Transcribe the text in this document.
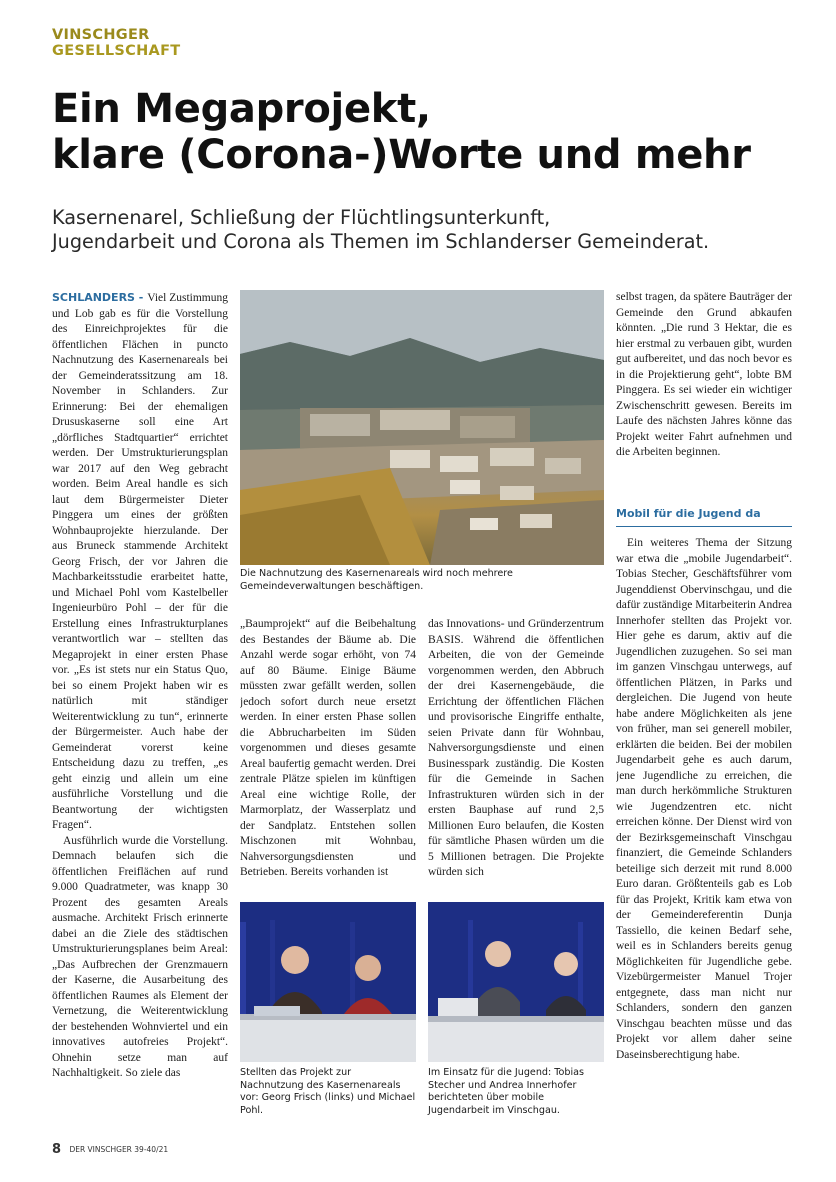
VINSCHGER
GESELLSCHAFT
Ein Megaprojekt,
klare (Corona-)Worte und mehr
Kasernenarel, Schließung der Flüchtlingsunterkunft,
Jugendarbeit und Corona als Themen im Schlanderser Gemeinderat.

SCHLANDERS - Viel Zustimmung und Lob gab es für die Vorstellung des Einreichprojektes für die öffentlichen Flächen in puncto Nachnutzung des Kasernenareals bei der Gemeinderatssitzung am 18. November in Schlanders. Zur Erinnerung: Bei der ehemaligen Drususkaserne soll eine Art „dörfliches Stadtquartier“ errichtet werden. Der Umstrukturierungsplan war 2017 auf den Weg gebracht worden. Beim Areal handle es sich laut dem Bürgermeister Dieter Pinggera um eines der größten Wohnbauprojekte hierzulande. Der aus Bruneck stammende Architekt Georg Frisch, der vor Jahren die Machbarkeitsstudie erarbeitet hatte, und Michael Pohl vom Kastelbeller Ingenieurbüro Pohl – der für die Erstellung eines Infrastrukturplanes verantwortlich war – stellten das Megaprojekt in einer ersten Phase vor. „Es ist stets nur ein Status Quo, bei so einem Projekt haben wir es natürlich mit ständiger Weiterentwicklung zu tun“, erinnerte der Bürgermeister. Auch habe der Gemeinderat vorerst keine Entscheidung dazu zu treffen, „es geht einzig und allein um eine ausführliche Vorstellung und die Beantwortung der wichtigsten Fragen“.

Ausführlich wurde die Vorstellung. Demnach belaufen sich die öffentlichen Freiflächen auf rund 9.000 Quadratmeter, was knapp 30 Prozent des gesamten Areals ausmache. Architekt Frisch erinnerte dabei an die Ziele des städtischen Umstrukturierungsplanes beim Areal: „Das Aufbrechen der Grenzmauern der Kaserne, die Ausarbeitung des öffentlichen Raumes als Element der Vernetzung, die Weiterentwicklung der bestehenden Wohnviertel und ein innovatives autofreies Projekt“. Ohnehin setze man auf Nachhaltigkeit. So ziele das

Die Nachnutzung des Kasernenareals wird noch mehrere Gemeindeverwaltungen beschäftigen.

„Baumprojekt“ auf die Beibehaltung des Bestandes der Bäume ab. Die Anzahl werde sogar erhöht, von 74 auf 80 Bäume. Einige Bäume müssten zwar gefällt werden, sollen jedoch sofort durch neue ersetzt werden. In einer ersten Phase sollen die Abbrucharbeiten im Süden vorgenommen und dieses gesamte Areal baufertig gemacht werden. Drei zentrale Plätze spielen im künftigen Areal eine wichtige Rolle, der Marmorplatz, der Wasserplatz und der Sandplatz. Entstehen sollen Mischzonen mit Wohnbau, Nahversorgungsdiensten und Betrieben. Bereits vorhanden ist

das Innovations- und Gründerzentrum BASIS. Während die öffentlichen Arbeiten, die von der Gemeinde vorgenommen werden, den Abbruch der drei Kasernengebäude, die Errichtung der öffentlichen Flächen und provisorische Eingriffe enthalte, seien Private dann für Wohnbau, Nahversorgungsdienste und einen Businesspark zuständig. Die Kosten für die Gemeinde in Sachen Infrastrukturen würden sich in der ersten Bauphase auf rund 2,5 Millionen Euro belaufen, die Kosten für sämtliche Phasen würden um die 5 Millionen betragen. Die Projekte würden sich

Stellten das Projekt zur Nachnutzung des Kasernenareals vor: Georg Frisch (links) und Michael Pohl.
Im Einsatz für die Jugend: Tobias Stecher und Andrea Innerhofer berichteten über mobile Jugendarbeit im Vinschgau.

selbst tragen, da spätere Bauträger der Gemeinde den Grund abkaufen könnten. „Die rund 3 Hektar, die es hier erstmal zu verbauen gibt, wurden gut aufbereitet, und das noch bevor es in die Projektierung geht“, lobte BM Pinggera. Es sei wieder ein wichtiger Zwischenschritt gewesen. Bereits im Laufe des nächsten Jahres könne das Projekt weiter Fahrt aufnehmen und die Arbeiten beginnen.

Mobil für die Jugend da

Ein weiteres Thema der Sitzung war etwa die „mobile Jugendarbeit“. Tobias Stecher, Geschäftsführer vom Jugenddienst Obervinschgau, und die dafür zuständige Mitarbeiterin Andrea Innerhofer stellten das Projekt vor. Hier gehe es darum, aktiv auf die Jugendlichen zuzugehen. So sei man im ganzen Vinschgau unterwegs, auf öffentlichen Plätzen, in Parks und dergleichen. Die Jugend von heute habe andere Möglichkeiten als jene von früher, man sei generell mobiler, erklärten die beiden. Bei der mobilen Jugendarbeit gehe es auch darum, jene Jugendliche zu erreichen, die man durch herkömmliche Strukturen wie Jugendzentren etc. nicht erreichen könne. Der Dienst wird von der Bezirksgemeinschaft Vinschgau finanziert, die Gemeinde Schlanders beteilige sich derzeit mit rund 8.000 Euro daran. Größtenteils gab es Lob für das Projekt, Kritik kam etwa von der Gemeindereferentin Dunja Tassiello, die keinen Bedarf sehe, weil es in Schlanders bereits genug Möglichkeiten für Jugendliche gebe. Vizebürgermeister Manuel Trojer entgegnete, dass man nicht nur Schlanders, sondern den ganzen Vinschgau beachten müsse und das Projekt vor allem daher seine Daseinsberechtigung habe.

8 DER VINSCHGER 39-40/21
